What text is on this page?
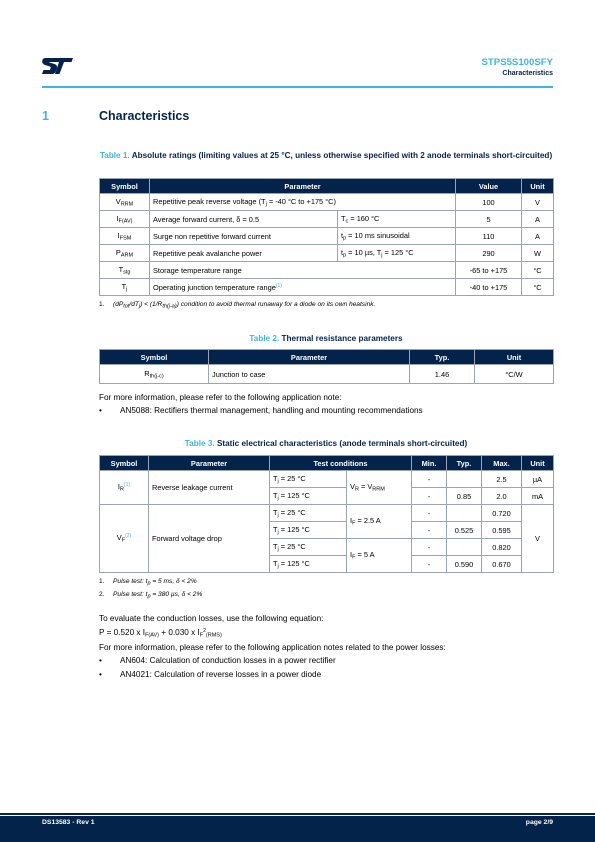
STPS5S100SFY
Characteristics
1	Characteristics
Table 1. Absolute ratings (limiting values at 25 °C, unless otherwise specified with 2 anode terminals short-circuited)
Symbol	Parameter		Value	Unit
$V_{RRM}$	Repetitive peak reverse voltage ($T_j = -40$ °C to +175 °C)		100	V
$I_{F(AV)}$	Average forward current, δ = 0.5	$T_c = 160$ °C	5	A
$I_{FSM}$	Surge non repetitive forward current	$t_p = 10$ ms sinusoidal	110	A
$P_{ARM}$	Repetitive peak avalanche power	$t_p = 10$ µs, $T_j = 125$ °C	290	W
$T_{stg}$	Storage temperature range		-65 to +175	°C
$T_j$	Operating junction temperature range$^{(1)}$		-40 to +175	°C
1. $(dP_{tot}/dT_j) < (1/R_{th(j-a)})$ condition to avoid thermal runaway for a diode on its own heatsink.
Table 2. Thermal resistance parameters
Symbol	Parameter	Typ.	Unit
$R_{th(j-c)}$	Junction to case	1.46	°C/W
For more information, please refer to the following application note:
• AN5088: Rectifiers thermal management, handling and mounting recommendations
Table 3. Static electrical characteristics (anode terminals short-circuited)
Symbol	Parameter	Test conditions		Min.	Typ.	Max.	Unit
$I_R^{(1)}$	Reverse leakage current	$T_j = 25$ °C	$V_R = V_{RRM}$	-		2.5	µA
		$T_j = 125$ °C		-	0.85	2.0	mA
$V_F^{(2)}$	Forward voltage drop	$T_j = 25$ °C	$I_F = 2.5$ A	-		0.720	V
		$T_j = 125$ °C		-	0.525	0.595	
		$T_j = 25$ °C	$I_F = 5$ A	-		0.820	
		$T_j = 125$ °C		-	0.590	0.670	
1. Pulse test: $t_p = 5$ ms, δ < 2%
2. Pulse test: $t_p = 380$ µs, δ < 2%
To evaluate the conduction losses, use the following equation:
P = 0.520 x $I_{F(AV)} + 0.030$ x $I_F^2_{(RMS)}$
For more information, please refer to the following application notes related to the power losses:
• AN604: Calculation of conduction losses in a power rectifier
• AN4021: Calculation of reverse losses in a power diode
DS13583 - Rev 1	page 2/9
